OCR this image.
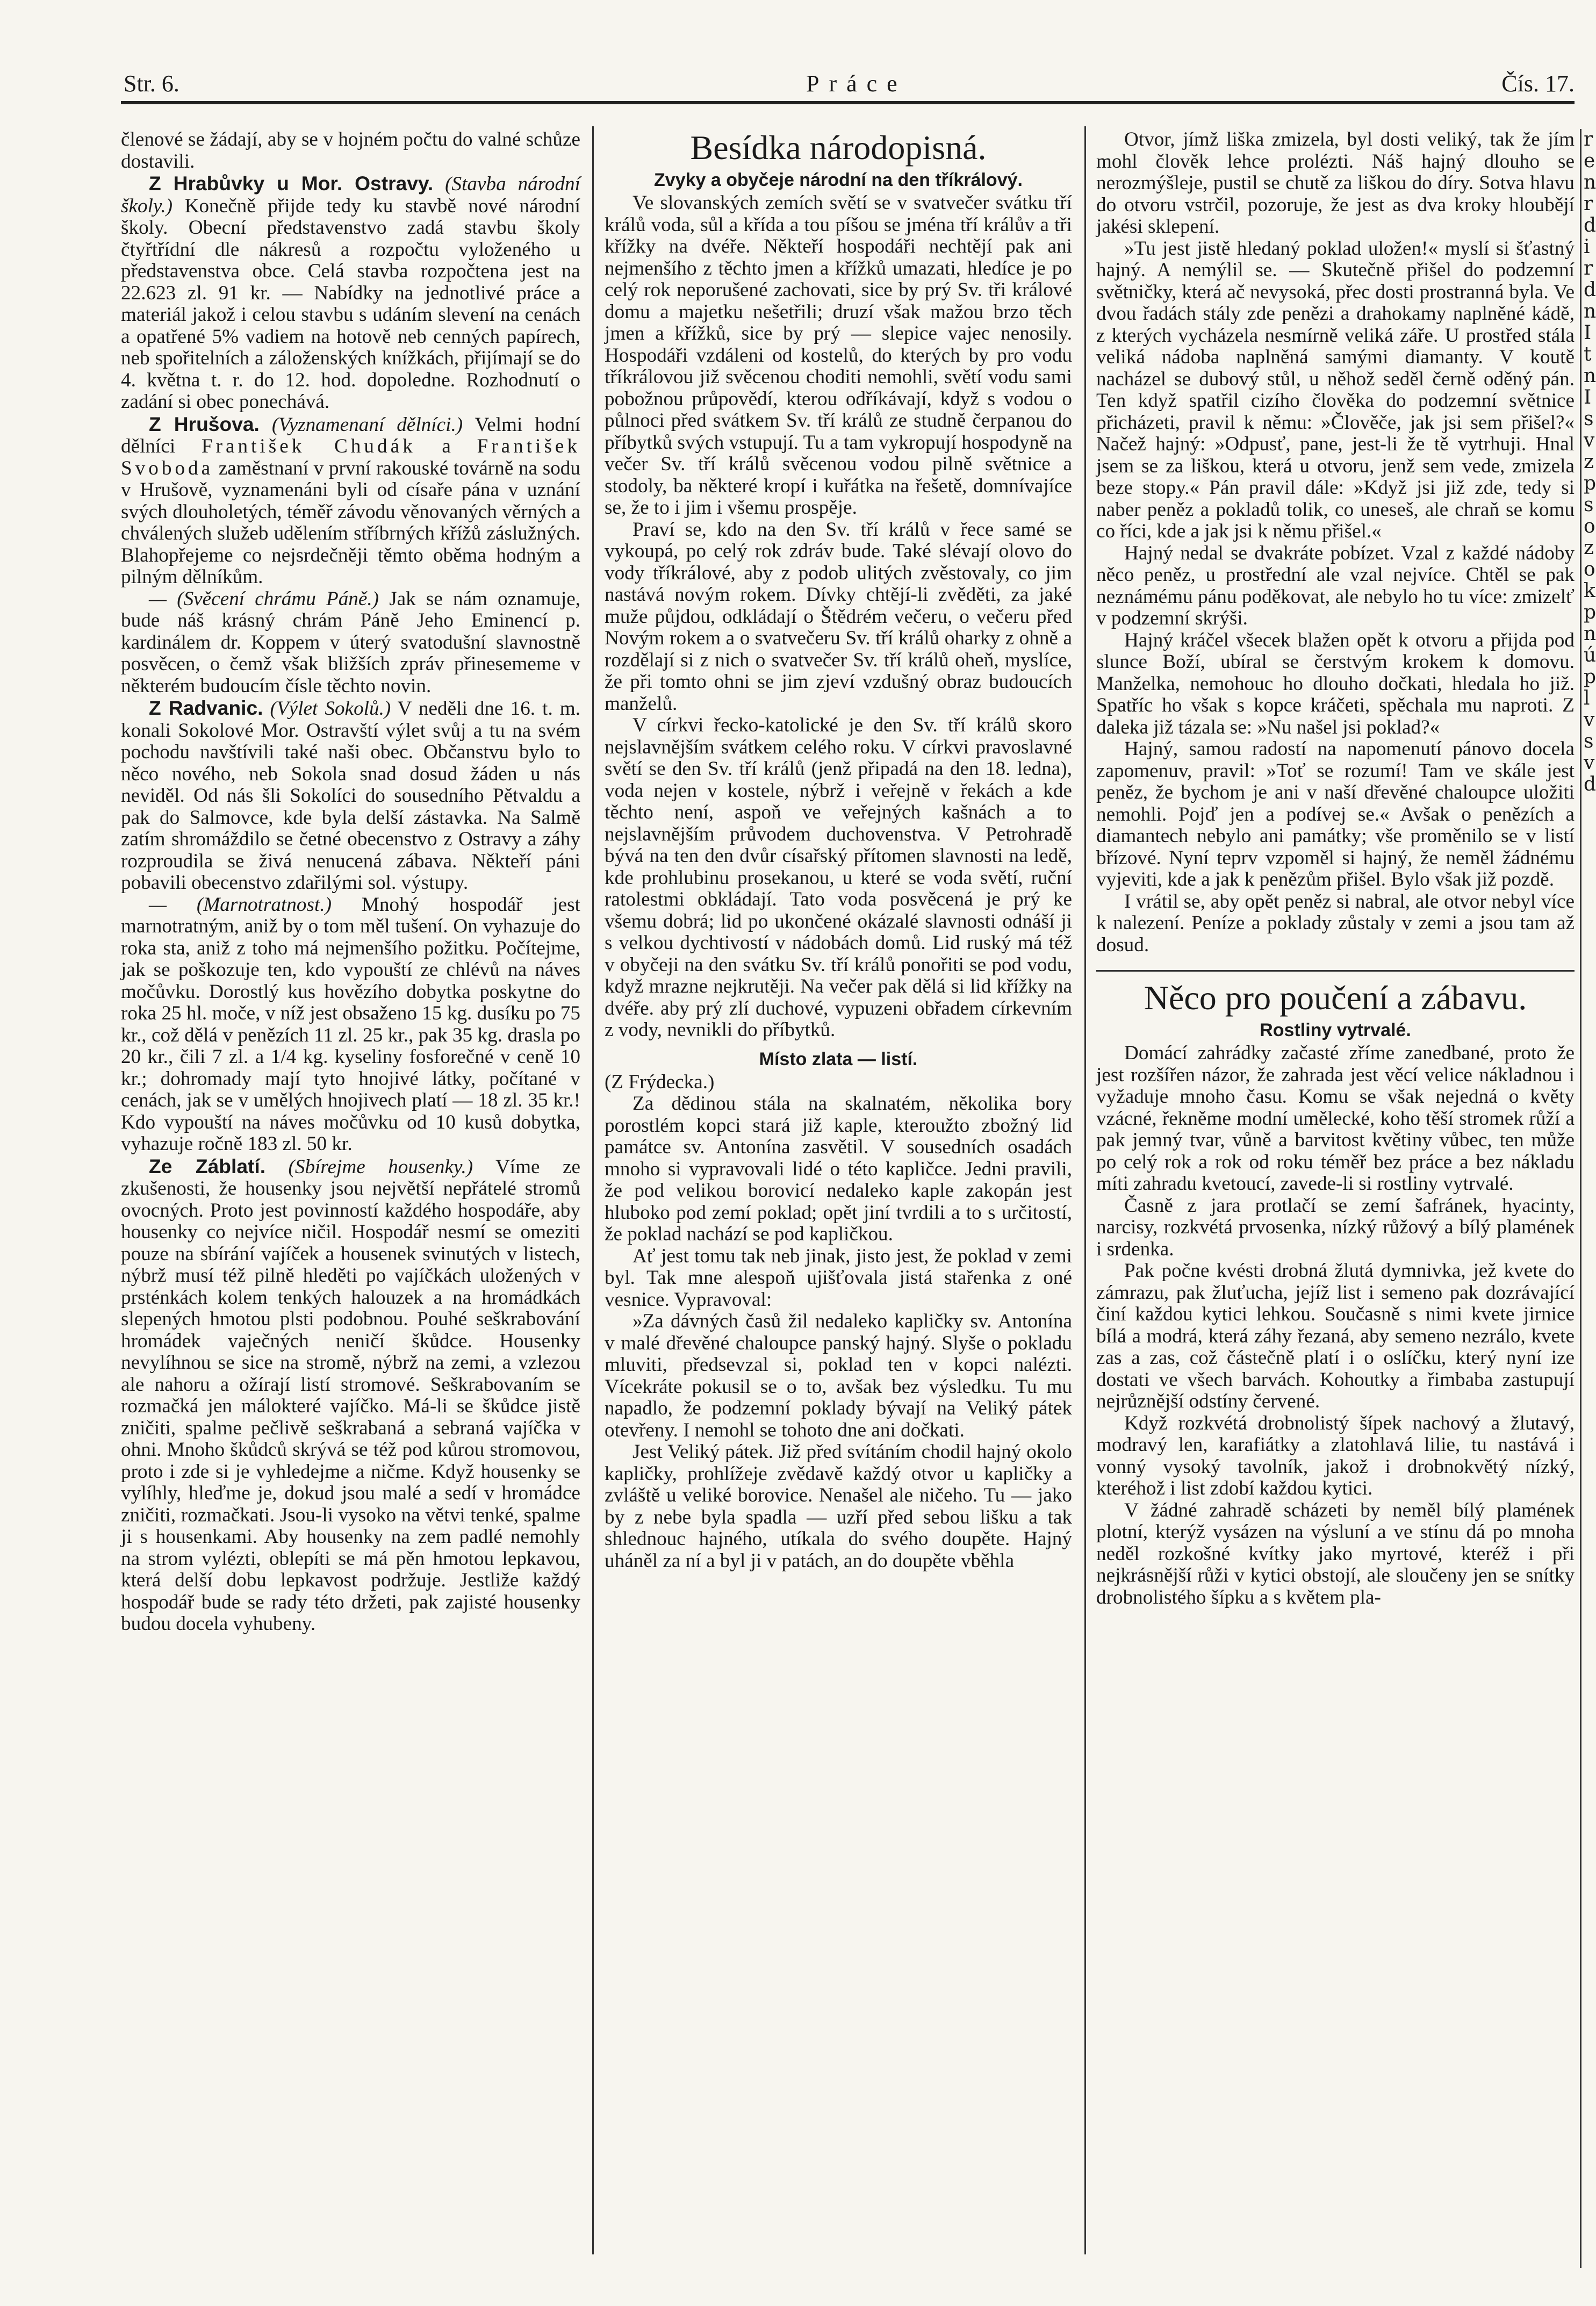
Str. 6.	Práce	Čís. 17.

členové se žádají, aby se v hojném počtu do valné schůze dostavili.

Z Hrabůvky u Mor. Ostravy. (Stavba národní školy.) Konečně přijde tedy ku stavbě nové národní školy. Obecní představenstvo zadá stavbu školy čtyřtřídní dle nákresů a rozpočtu vyloženého u představenstva obce. Celá stavba rozpočtena jest na 22.623 zl. 91 kr. — Nabídky na jednotlivé práce a materiál jakož i celou stavbu s udáním slevení na cenách a opatřené 5% vadiem na hotově neb cenných papírech, neb spořitelních a záloženských knížkách, přijímají se do 4. května t. r. do 12. hod. dopoledne. Rozhodnutí o zadání si obec ponechává.

Z Hrušova. (Vyznamenaní dělníci.) Velmi hodní dělníci František Chudák a František Svoboda zaměstnaní v první rakouské továrně na sodu v Hrušově, vyznamenáni byli od císaře pána v uznání svých dlouholetých, téměř závodu věnovaných věrných a chválených služeb udělením stříbrných křížů záslužných. Blahopřejeme co nejsrdečněji těmto oběma hodným a pilným dělníkům.

— (Svěcení chrámu Páně.) Jak se nám oznamuje, bude náš krásný chrám Páně Jeho Eminencí p. kardinálem dr. Koppem v úterý svatodušní slavnostně posvěcen, o čemž však bližších zpráv přinesememe v některém budoucím čísle těchto novin.

Z Radvanic. (Výlet Sokolů.) V neděli dne 16. t. m. konali Sokolové Mor. Ostravští výlet svůj a tu na svém pochodu navštívili také naši obec. Občanstvu bylo to něco nového, neb Sokola snad dosud žáden u nás neviděl. Od nás šli Sokolíci do sousedního Pětvaldu a pak do Salmovce, kde byla delší zástavka. Na Salmě zatím shromáždilo se četné obecenstvo z Ostravy a záhy rozproudila se živá nenucená zábava. Někteří páni pobavili obecenstvo zdařilými sol. výstupy.

— (Marnotratnost.) Mnohý hospodář jest marnotratným, aniž by o tom měl tušení. On vyhazuje do roka sta, aniž z toho má nejmenšího požitku. Počítejme, jak se poškozuje ten, kdo vypouští ze chlévů na náves močůvku. Dorostlý kus hovězího dobytka poskytne do roka 25 hl. moče, v níž jest obsaženo 15 kg. dusíku po 75 kr., což dělá v penězích 11 zl. 25 kr., pak 35 kg. drasla po 20 kr., čili 7 zl. a 1/4 kg. kyseliny fosforečné v ceně 10 kr.; dohromady mají tyto hnojivé látky, počítané v cenách, jak se v umělých hnojivech platí — 18 zl. 35 kr.! Kdo vypouští na náves močůvku od 10 kusů dobytka, vyhazuje ročně 183 zl. 50 kr.

Ze Záblatí. (Sbírejme housenky.) Víme ze zkušenosti, že housenky jsou největší nepřátelé stromů ovocných. Proto jest povinností každého hospodáře, aby housenky co nejvíce ničil. Hospodář nesmí se omeziti pouze na sbírání vajíček a housenek svinutých v listech, nýbrž musí též pilně hleděti po vajíčkách uložených v prsténkách kolem tenkých halouzek a na hromádkách slepených hmotou plsti podobnou. Pouhé seškrabování hromádek vaječných neničí škůdce. Housenky nevylíhnou se sice na stromě, nýbrž na zemi, a vzlezou ale nahoru a ožírají listí stromové. Seškrabovaním se rozmačká jen málokteré vajíčko. Má-li se škůdce jistě zničiti, spalme pečlivě seškrabaná a sebraná vajíčka v ohni. Mnoho škůdců skrývá se též pod kůrou stromovou, proto i zde si je vyhledejme a ničme. Když housenky se vylíhly, hleďme je, dokud jsou malé a sedí v hromádce zničiti, rozmačkati. Jsou-li vysoko na větvi tenké, spalme ji s housenkami. Aby housenky na zem padlé nemohly na strom vylézti, oblepíti se má pěn hmotou lepkavou, která delší dobu lepkavost podržuje. Jestliže každý hospodář bude se rady této držeti, pak zajisté housenky budou docela vyhubeny.

Besídka národopisná.
Zvyky a obyčeje národní na den tříkrálový.

Ve slovanských zemích světí se v svatvečer svátku tří králů voda, sůl a křída a tou píšou se jména tří králův a tři křížky na dvéře. Někteří hospodáři nechtějí pak ani nejmenšího z těchto jmen a křížků umazati, hledíce je po celý rok neporušené zachovati, sice by prý Sv. tři králové domu a majetku nešetřili; druzí však mažou brzo těch jmen a křížků, sice by prý — slepice vajec nenosily. Hospodáři vzdáleni od kostelů, do kterých by pro vodu tříkrálovou již svěcenou choditi nemohli, světí vodu sami pobožnou průpovědí, kterou odříkávají, když s vodou o půlnoci před svátkem Sv. tří králů ze studně čerpanou do příbytků svých vstupují. Tu a tam vykropují hospodyně na večer Sv. tří králů svěcenou vodou pilně světnice a stodoly, ba některé kropí i kuřátka na řešetě, domnívajíce se, že to i jim i všemu prospěje.

Praví se, kdo na den Sv. tří králů v řece samé se vykoupá, po celý rok zdráv bude. Také slévají olovo do vody tříkrálové, aby z podob ulitých zvěstovaly, co jim nastává novým rokem. Dívky chtějí-li zvěděti, za jaké muže půjdou, odkládají o Štědrém večeru, o večeru před Novým rokem a o svatvečeru Sv. tří králů oharky z ohně a rozdělají si z nich o svatvečer Sv. tří králů oheň, myslíce, že při tomto ohni se jim zjeví vzdušný obraz budoucích manželů.

V církvi řecko-katolické je den Sv. tří králů skoro nejslavnějším svátkem celého roku. V církvi pravoslavné světí se den Sv. tří králů (jenž připadá na den 18. ledna), voda nejen v kostele, nýbrž i veřejně v řekách a kde těchto není, aspoň ve veřejných kašnách a to nejslavnějším průvodem duchovenstva. V Petrohradě bývá na ten den dvůr císařský přítomen slavnosti na ledě, kde prohlubinu prosekanou, u které se voda světí, ruční ratolestmi obkládají. Tato voda posvěcená je prý ke všemu dobrá; lid po ukončené okázalé slavnosti odnáší ji s velkou dychtivostí v nádobách domů. Lid ruský má též v obyčeji na den svátku Sv. tří králů ponořiti se pod vodu, když mrazne nejkrutěji. Na večer pak dělá si lid křížky na dvéře. aby prý zlí duchové, vypuzeni obřadem církevním z vody, nevnikli do příbytků.

Místo zlata — listí.

(Z Frýdecka.)

Za dědinou stála na skalnatém, několika bory porostlém kopci stará již kaple, kteroužto zbožný lid památce sv. Antonína zasvětil. V sousedních osadách mnoho si vypravovali lidé o této kapličce. Jedni pravili, že pod velikou borovicí nedaleko kaple zakopán jest hluboko pod zemí poklad; opět jiní tvrdili a to s určitostí, že poklad nachází se pod kapličkou.

Ať jest tomu tak neb jinak, jisto jest, že poklad v zemi byl. Tak mne alespoň ujišťovala jistá stařenka z oné vesnice. Vypravoval:

»Za dávných časů žil nedaleko kapličky sv. Antonína v malé dřevěné chaloupce panský hajný. Slyše o pokladu mluviti, předsevzal si, poklad ten v kopci nalézti. Vícekráte pokusil se o to, avšak bez výsledku. Tu mu napadlo, že podzemní poklady bývají na Veliký pátek otevřeny. I nemohl se tohoto dne ani dočkati.

Jest Veliký pátek. Již před svítáním chodil hajný okolo kapličky, prohlížeje zvědavě každý otvor u kapličky a zvláště u veliké borovice. Nenašel ale ničeho. Tu — jako by z nebe byla spadla — uzří před sebou lišku a tak shlednouc hajného, utíkala do svého doupěte. Hajný uháněl za ní a byl ji v patách, an do doupěte vběhla

Otvor, jímž liška zmizela, byl dosti veliký, tak že jím mohl člověk lehce prolézti. Náš hajný dlouho se nerozmýšleje, pustil se chutě za liškou do díry. Sotva hlavu do otvoru vstrčil, pozoruje, že jest as dva kroky hloubějí jakési sklepení.

»Tu jest jistě hledaný poklad uložen!« myslí si šťastný hajný. A nemýlil se. — Skutečně přišel do podzemní světničky, která ač nevysoká, přec dosti prostranná byla. Ve dvou řadách stály zde penězi a drahokamy naplněné kádě, z kterých vycházela nesmírně veliká záře. U prostřed stála veliká nádoba naplněná samými diamanty. V koutě nacházel se dubový stůl, u něhož seděl černě oděný pán. Ten když spatřil cizího člověka do podzemní světnice přicházeti, pravil k němu: »Člověče, jak jsi sem přišel?« Načež hajný: »Odpusť, pane, jest-li že tě vytrhuji. Hnal jsem se za liškou, která u otvoru, jenž sem vede, zmizela beze stopy.« Pán pravil dále: »Když jsi již zde, tedy si naber peněz a pokladů tolik, co uneseš, ale chraň se komu co říci, kde a jak jsi k němu přišel.«

Hajný nedal se dvakráte pobízet. Vzal z každé nádoby něco peněz, u prostřední ale vzal nejvíce. Chtěl se pak neznámému pánu poděkovat, ale nebylo ho tu více: zmizelť v podzemní skrýši.

Hajný kráčel všecek blažen opět k otvoru a přijda pod slunce Boží, ubíral se čerstvým krokem k domovu. Manželka, nemohouc ho dlouho dočkati, hledala ho již. Spatříc ho však s kopce kráčeti, spěchala mu naproti. Z daleka již tázala se: »Nu našel jsi poklad?«

Hajný, samou radostí na napomenutí pánovo docela zapomenuv, pravil: »Toť se rozumí! Tam ve skále jest peněz, že bychom je ani v naší dřevěné chaloupce uložiti nemohli. Pojď jen a podívej se.« Avšak o penězích a diamantech nebylo ani památky; vše proměnilo se v listí břízové. Nyní teprv vzpoměl si hajný, že neměl žádnému vyjeviti, kde a jak k penězům přišel. Bylo však již pozdě.

I vrátil se, aby opět peněz si nabral, ale otvor nebyl více k nalezení. Peníze a poklady zůstaly v zemi a jsou tam až dosud.

Něco pro poučení a zábavu.
Rostliny vytrvalé.

Domácí zahrádky začasté zříme zanedbané, proto že jest rozšířen názor, že zahrada jest věcí velice nákladnou i vyžaduje mnoho času. Komu se však nejedná o květy vzácné, řekněme modní umělecké, koho těší stromek růží a pak jemný tvar, vůně a barvitost květiny vůbec, ten může po celý rok a rok od roku téměř bez práce a bez nákladu míti zahradu kvetoucí, zavede-li si rostliny vytrvalé.

Časně z jara protlačí se zemí šafránek, hyacinty, narcisy, rozkvétá prvosenka, nízký růžový a bílý plamének i srdenka.

Pak počne kvésti drobná žlutá dymnivka, jež kvete do zámrazu, pak žluťucha, jejíž list i semeno pak dozrávající činí každou kytici lehkou. Současně s nimi kvete jirnice bílá a modrá, která záhy řezaná, aby semeno nezrálo, kvete zas a zas, což částečně platí i o oslíčku, který nyní ize dostati ve všech barvách. Kohoutky a řimbaba zastupují nejrůznější odstíny červené.

Když rozkvétá drobnolistý šípek nachový a žlutavý, modravý len, karafiátky a zlatohlavá lilie, tu nastává i vonný vysoký tavolník, jakož i drobnokvětý nízký, kteréhož i list zdobí každou kytici.

V žádné zahradě scházeti by neměl bílý plamének plotní, kterýž vysázen na výsluní a ve stínu dá po mnoha neděl rozkošné kvítky jako myrtové, kteréž i při nejkrásnější růži v kytici obstojí, ale sloučeny jen se snítky drobnolistého šípku a s květem pla-

r
e
n
r
d
i
r
d
n
I
t
n
I
s
v
z
p
s
o
z
o
k
p
n
ú
p
l
v
s
v
d
